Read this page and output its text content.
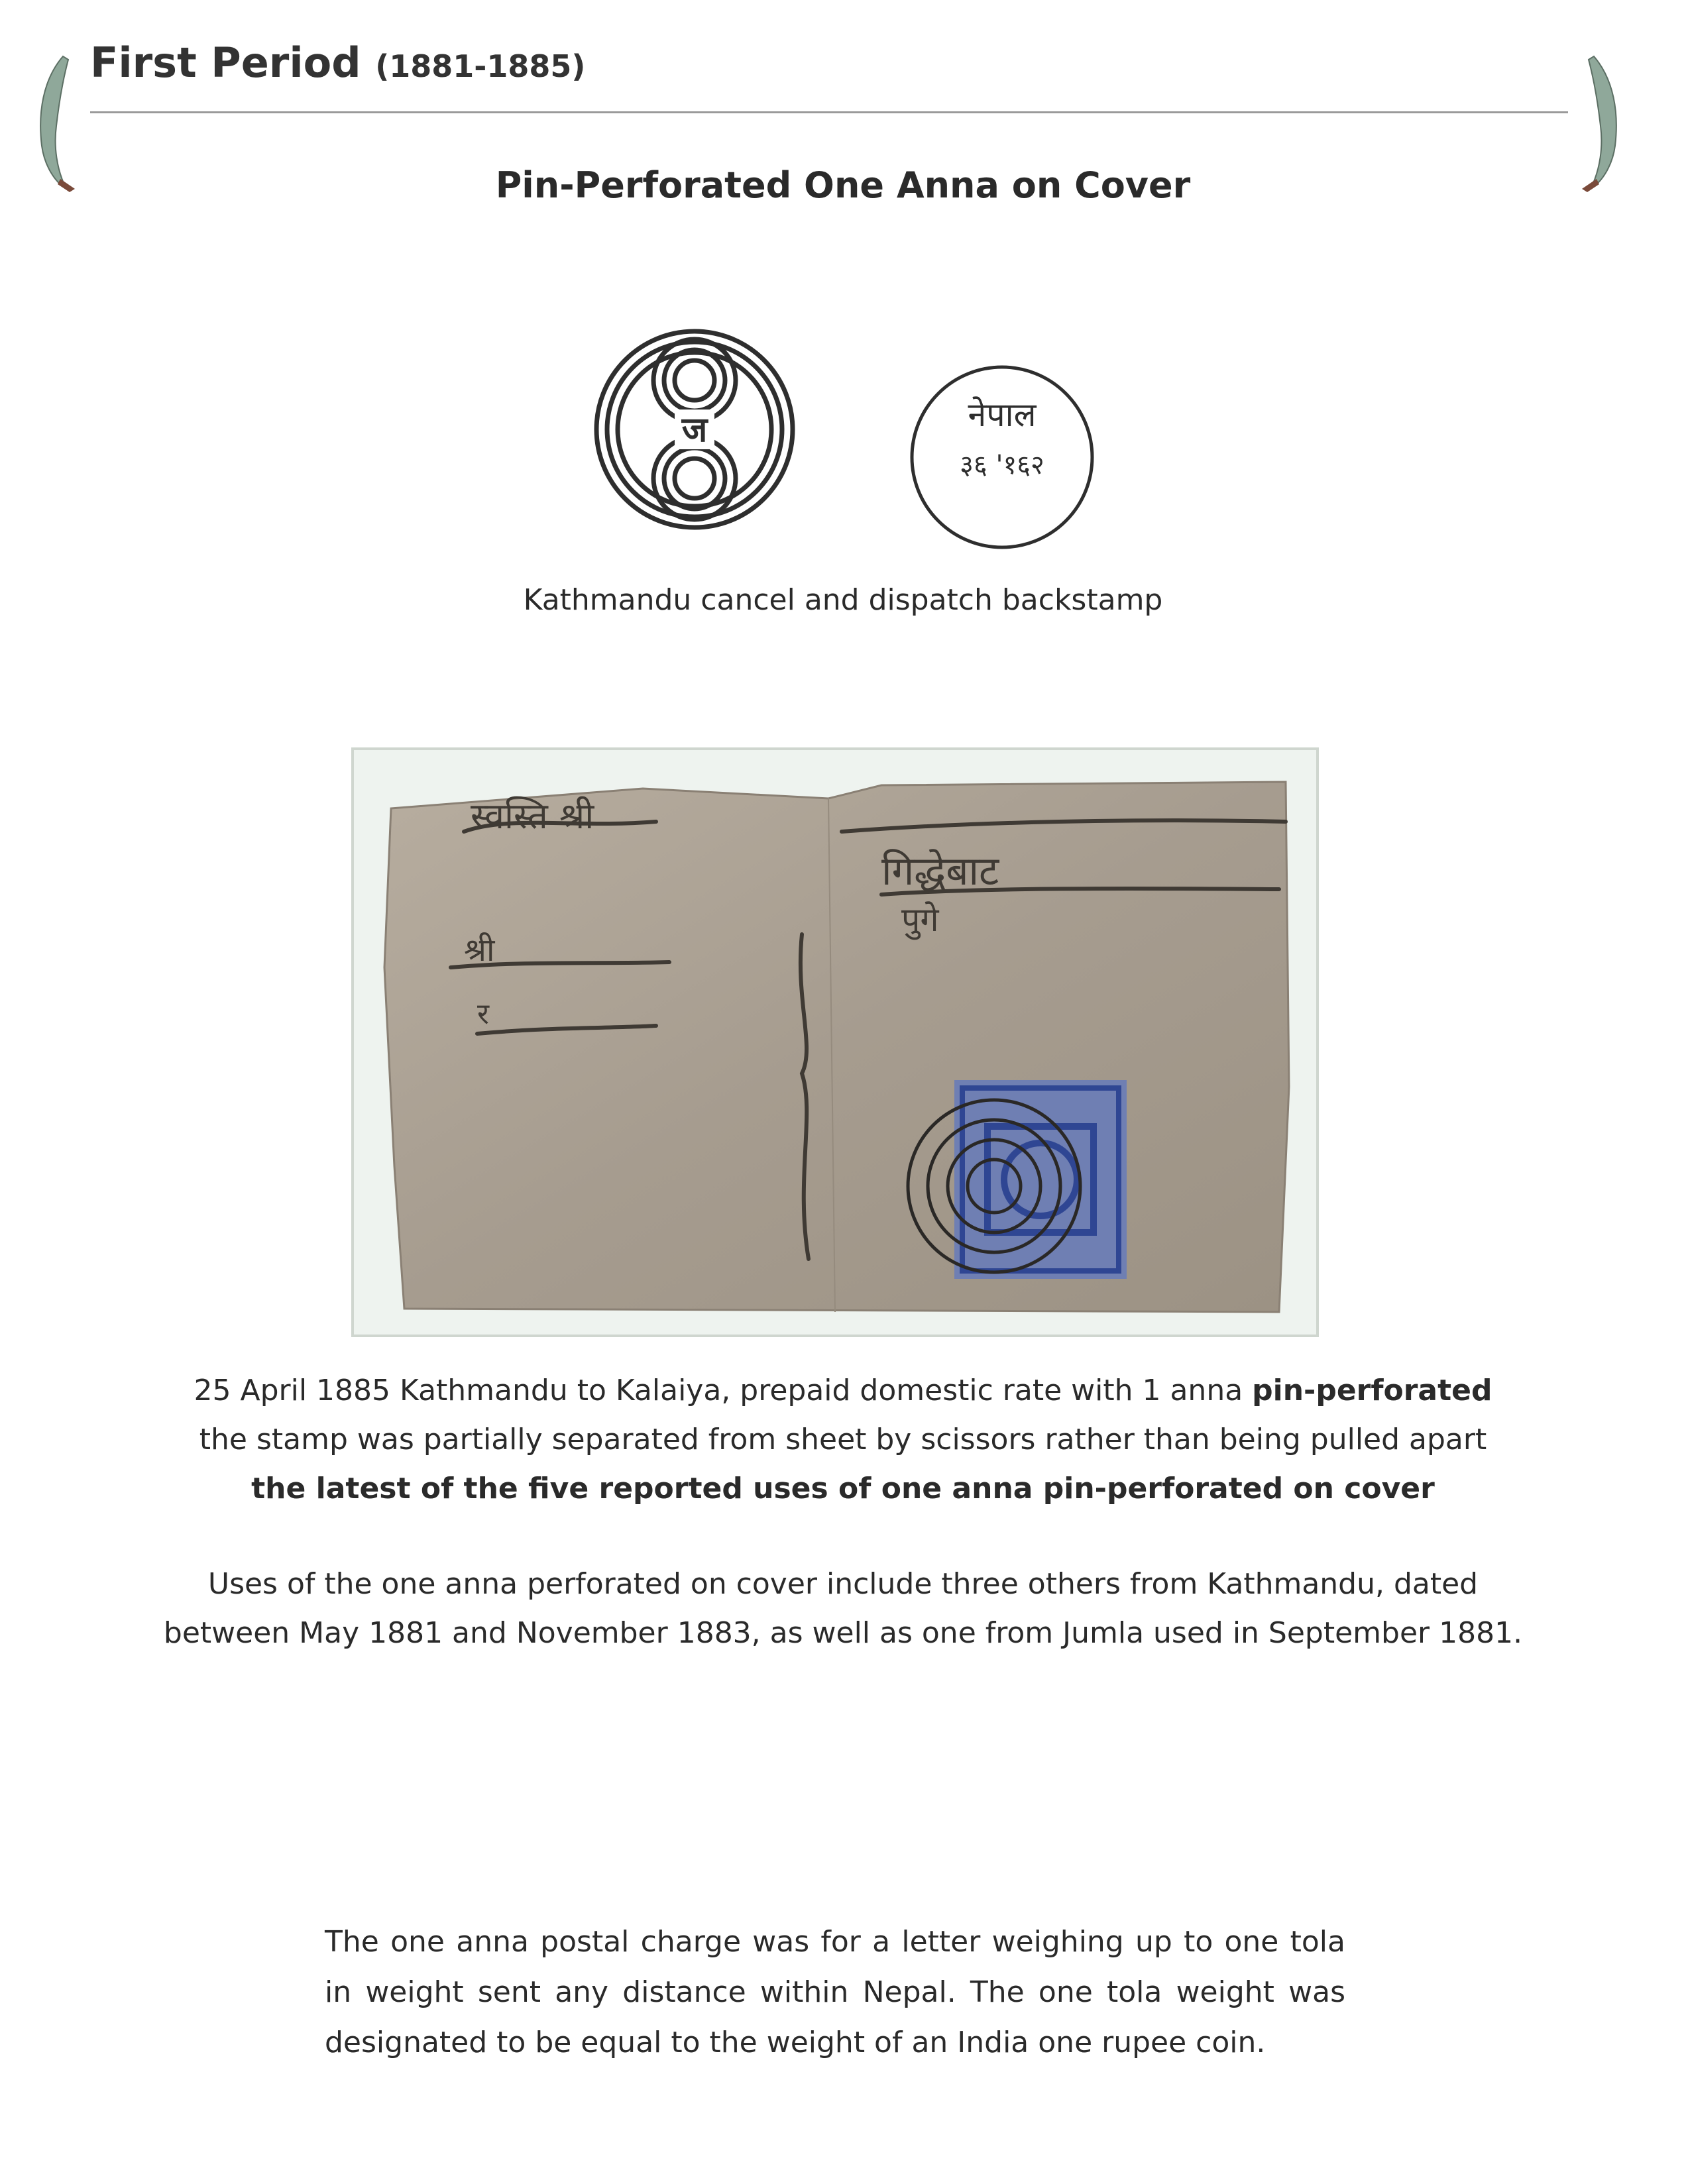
First Period (1881-1885)
Pin-Perforated One Anna on Cover
ज	नेपाल
३६ '१६२
Kathmandu cancel and dispatch backstamp
स्वस्ति श्री
गिद्धेबाट
पुगे
श्री
र
25 April 1885 Kathmandu to Kalaiya, prepaid domestic rate with 1 anna pin-perforated
the stamp was partially separated from sheet by scissors rather than being pulled apart
the latest of the five reported uses of one anna pin-perforated on cover
Uses of the one anna perforated on cover include three others from Kathmandu, dated
between May 1881 and November 1883, as well as one from Jumla used in September 1881.
The one anna postal charge was for a letter weighing up to one tola in weight sent any distance within Nepal. The one tola weight was designated to be equal to the weight of an India one rupee coin.
